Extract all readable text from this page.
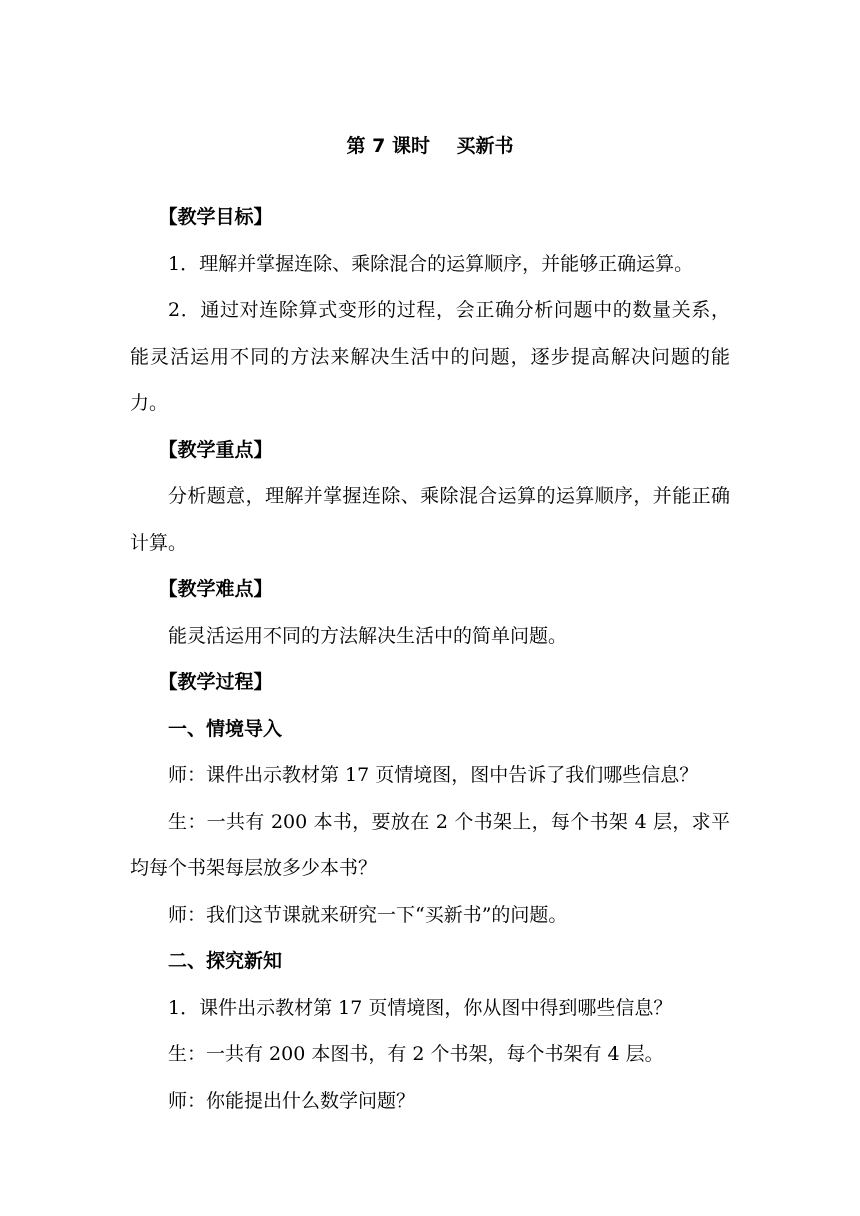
第 7 课时    买新书

【教学目标】

1．理解并掌握连除、乘除混合的运算顺序，并能够正确运算。

2．通过对连除算式变形的过程，会正确分析问题中的数量关系，能灵活运用不同的方法来解决生活中的问题，逐步提高解决问题的能力。

【教学重点】

分析题意，理解并掌握连除、乘除混合运算的运算顺序，并能正确计算。

【教学难点】

能灵活运用不同的方法解决生活中的简单问题。

【教学过程】

一、情境导入

师：课件出示教材第 17 页情境图，图中告诉了我们哪些信息？

生：一共有 200 本书，要放在 2 个书架上，每个书架 4 层，求平均每个书架每层放多少本书？

师：我们这节课就来研究一下“买新书”的问题。

二、探究新知

1．课件出示教材第 17 页情境图，你从图中得到哪些信息？

生：一共有 200 本图书，有 2 个书架，每个书架有 4 层。

师：你能提出什么数学问题？
